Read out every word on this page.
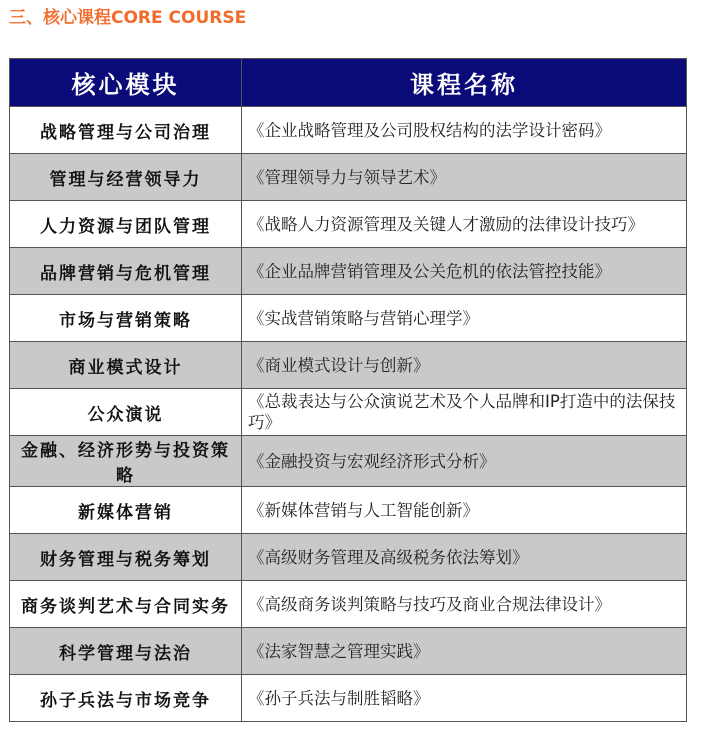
三、核心课程CORE COURSE
核心模块	课程名称
战略管理与公司治理	《企业战略管理及公司股权结构的法学设计密码》
管理与经营领导力	《管理领导力与领导艺术》
人力资源与团队管理	《战略人力资源管理及关键人才激励的法律设计技巧》
品牌营销与危机管理	《企业品牌营销管理及公关危机的依法管控技能》
市场与营销策略	《实战营销策略与营销心理学》
商业模式设计	《商业模式设计与创新》
公众演说	《总裁表达与公众演说艺术及个人品牌和IP打造中的法保技巧》
金融、经济形势与投资策略	《金融投资与宏观经济形式分析》
新媒体营销	《新媒体营销与人工智能创新》
财务管理与税务筹划	《高级财务管理及高级税务依法筹划》
商务谈判艺术与合同实务	《高级商务谈判策略与技巧及商业合规法律设计》
科学管理与法治	《法家智慧之管理实践》
孙子兵法与市场竞争	《孙子兵法与制胜韬略》
